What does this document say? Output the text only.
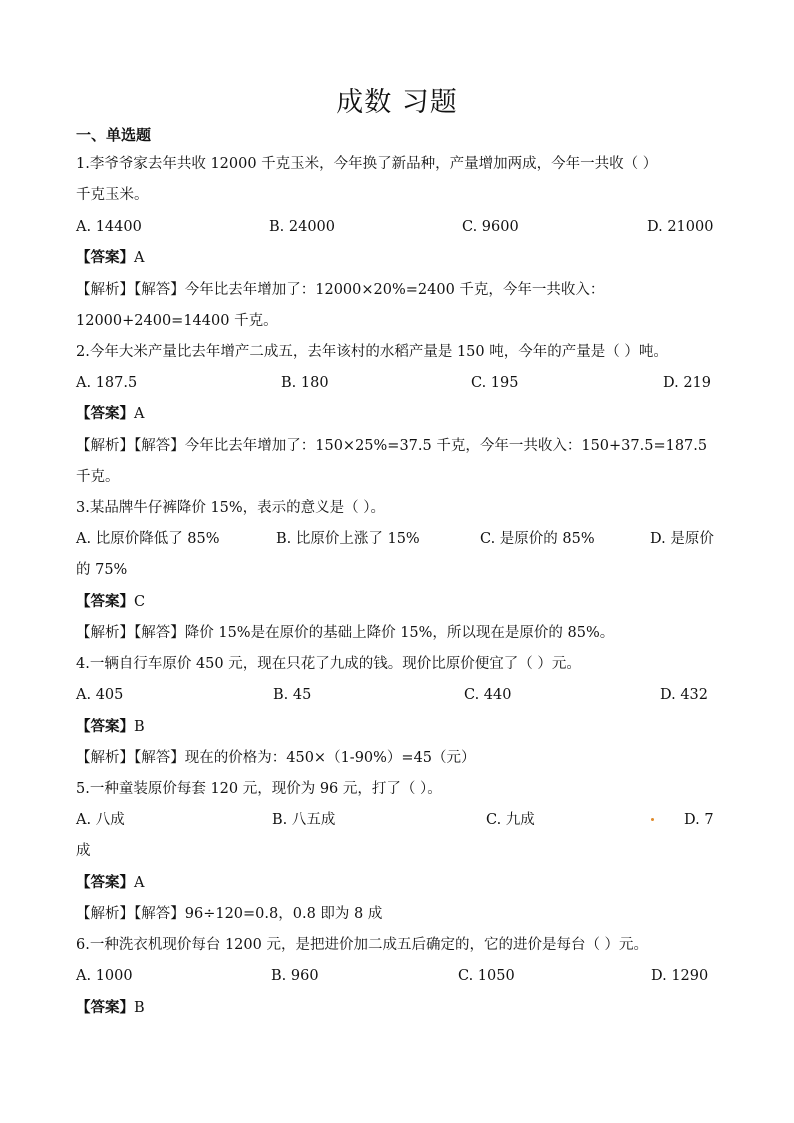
成数 习题
一、单选题
1.李爷爷家去年共收 12000 千克玉米，今年换了新品种，产量增加两成，今年一共收（ ）
千克玉米。
A. 14400	B. 24000	C. 9600	D. 21000
【答案】A
【解析】【解答】今年比去年增加了：12000×20%=2400 千克，今年一共收入：
12000+2400=14400 千克。
2.今年大米产量比去年增产二成五，去年该村的水稻产量是 150 吨，今年的产量是（ ）吨。
A. 187.5	B. 180	C. 195	D. 219
【答案】A
【解析】【解答】今年比去年增加了：150×25%=37.5 千克，今年一共收入：150+37.5=187.5
千克。
3.某品牌牛仔裤降价 15%，表示的意义是（ ）。
A. 比原价降低了 85%	B. 比原价上涨了 15%	C. 是原价的 85%	D. 是原价
的 75%
【答案】C
【解析】【解答】降价 15%是在原价的基础上降价 15%，所以现在是原价的 85%。
4.一辆自行车原价 450 元，现在只花了九成的钱。现价比原价便宜了（ ）元。
A. 405	B. 45	C. 440	D. 432
【答案】B
【解析】【解答】现在的价格为：450×（1-90%）=45（元）
5.一种童装原价每套 120 元，现价为 96 元，打了（ ）。
A. 八成	B. 八五成	C. 九成	D. 7
成
【答案】A
【解析】【解答】96÷120=0.8，0.8 即为 8 成
6.一种洗衣机现价每台 1200 元，是把进价加二成五后确定的，它的进价是每台（ ）元。
A. 1000	B. 960	C. 1050	D. 1290
【答案】B
